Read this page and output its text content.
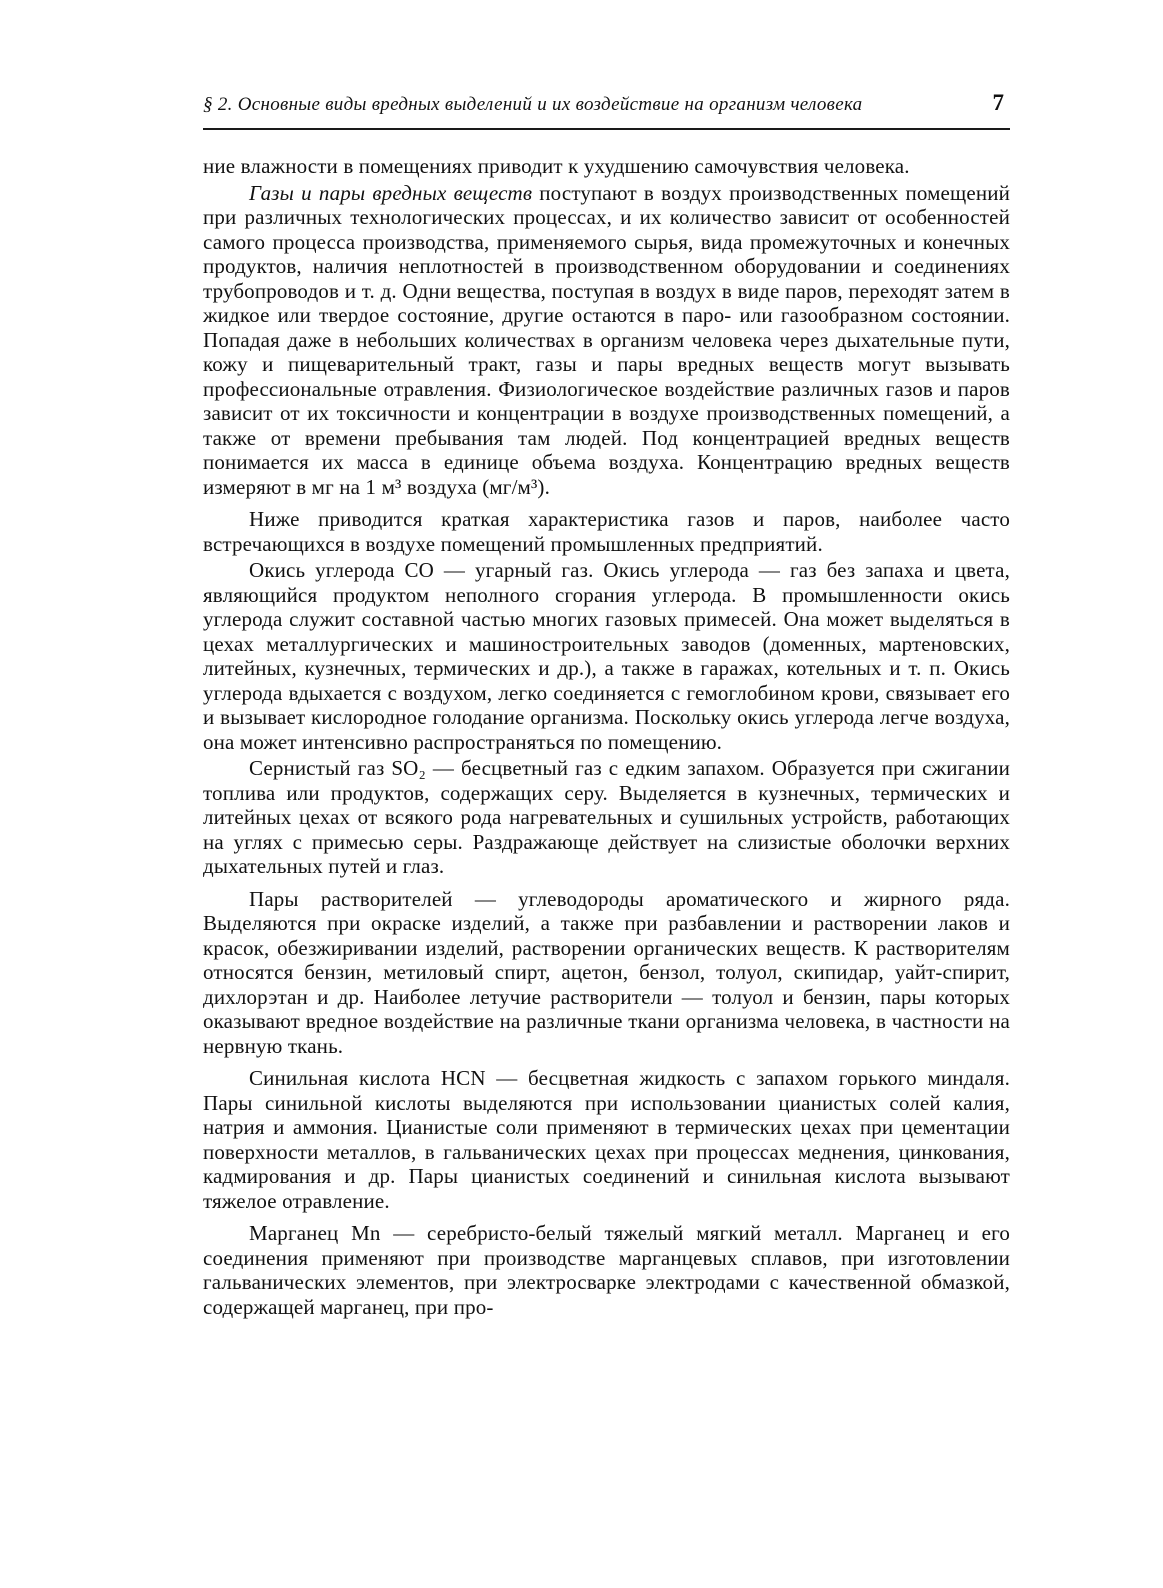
§ 2. Основные виды вредных выделений и их воздействие на организм человека	7

ние влажности в помещениях приводит к ухудшению самочувствия человека.

Газы и пары вредных веществ поступают в воздух производственных помещений при различных технологических процессах, и их количество зависит от особенностей самого процесса производства, применяемого сырья, вида промежуточных и конечных продуктов, наличия неплотностей в производственном оборудовании и соединениях трубопроводов и т. д. Одни вещества, поступая в воздух в виде паров, переходят затем в жидкое или твердое состояние, другие остаются в паро- или газообразном состоянии. Попадая даже в небольших количествах в организм человека через дыхательные пути, кожу и пищеварительный тракт, газы и пары вредных веществ могут вызывать профессиональные отравления. Физиологическое воздействие различных газов и паров зависит от их токсичности и концентрации в воздухе производственных помещений, а также от времени пребывания там людей. Под концентрацией вредных веществ понимается их масса в единице объема воздуха. Концентрацию вредных веществ измеряют в мг на 1 м³ воздуха (мг/м³).

Ниже приводится краткая характеристика газов и паров, наиболее часто встречающихся в воздухе помещений промышленных предприятий.

Окись углерода CO — угарный газ. Окись углерода — газ без запаха и цвета, являющийся продуктом неполного сгорания углерода. В промышленности окись углерода служит составной частью многих газовых примесей. Она может выделяться в цехах металлургических и машиностроительных заводов (доменных, мартеновских, литейных, кузнечных, термических и др.), а также в гаражах, котельных и т. п. Окись углерода вдыхается с воздухом, легко соединяется с гемоглобином крови, связывает его и вызывает кислородное голодание организма. Поскольку окись углерода легче воздуха, она может интенсивно распространяться по помещению.

Сернистый газ SO₂ — бесцветный газ с едким запахом. Образуется при сжигании топлива или продуктов, содержащих серу. Выделяется в кузнечных, термических и литейных цехах от всякого рода нагревательных и сушильных устройств, работающих на углях с примесью серы. Раздражающе действует на слизистые оболочки верхних дыхательных путей и глаз.

Пары растворителей — углеводороды ароматического и жирного ряда. Выделяются при окраске изделий, а также при разбавлении и растворении лаков и красок, обезжиривании изделий, растворении органических веществ. К растворителям относятся бензин, метиловый спирт, ацетон, бензол, толуол, скипидар, уайт-спирит, дихлорэтан и др. Наиболее летучие растворители — толуол и бензин, пары которых оказывают вредное воздействие на различные ткани организма человека, в частности на нервную ткань.

Синильная кислота HCN — бесцветная жидкость с запахом горького миндаля. Пары синильной кислоты выделяются при использовании цианистых солей калия, натрия и аммония. Цианистые соли применяют в термических цехах при цементации поверхности металлов, в гальванических цехах при процессах меднения, цинкования, кадмирования и др. Пары цианистых соединений и синильная кислота вызывают тяжелое отравление.

Марганец Mn — серебристо-белый тяжелый мягкий металл. Марганец и его соединения применяют при производстве марганцевых сплавов, при изготовлении гальванических элементов, при электросварке электродами с качественной обмазкой, содержащей марганец, при про-
